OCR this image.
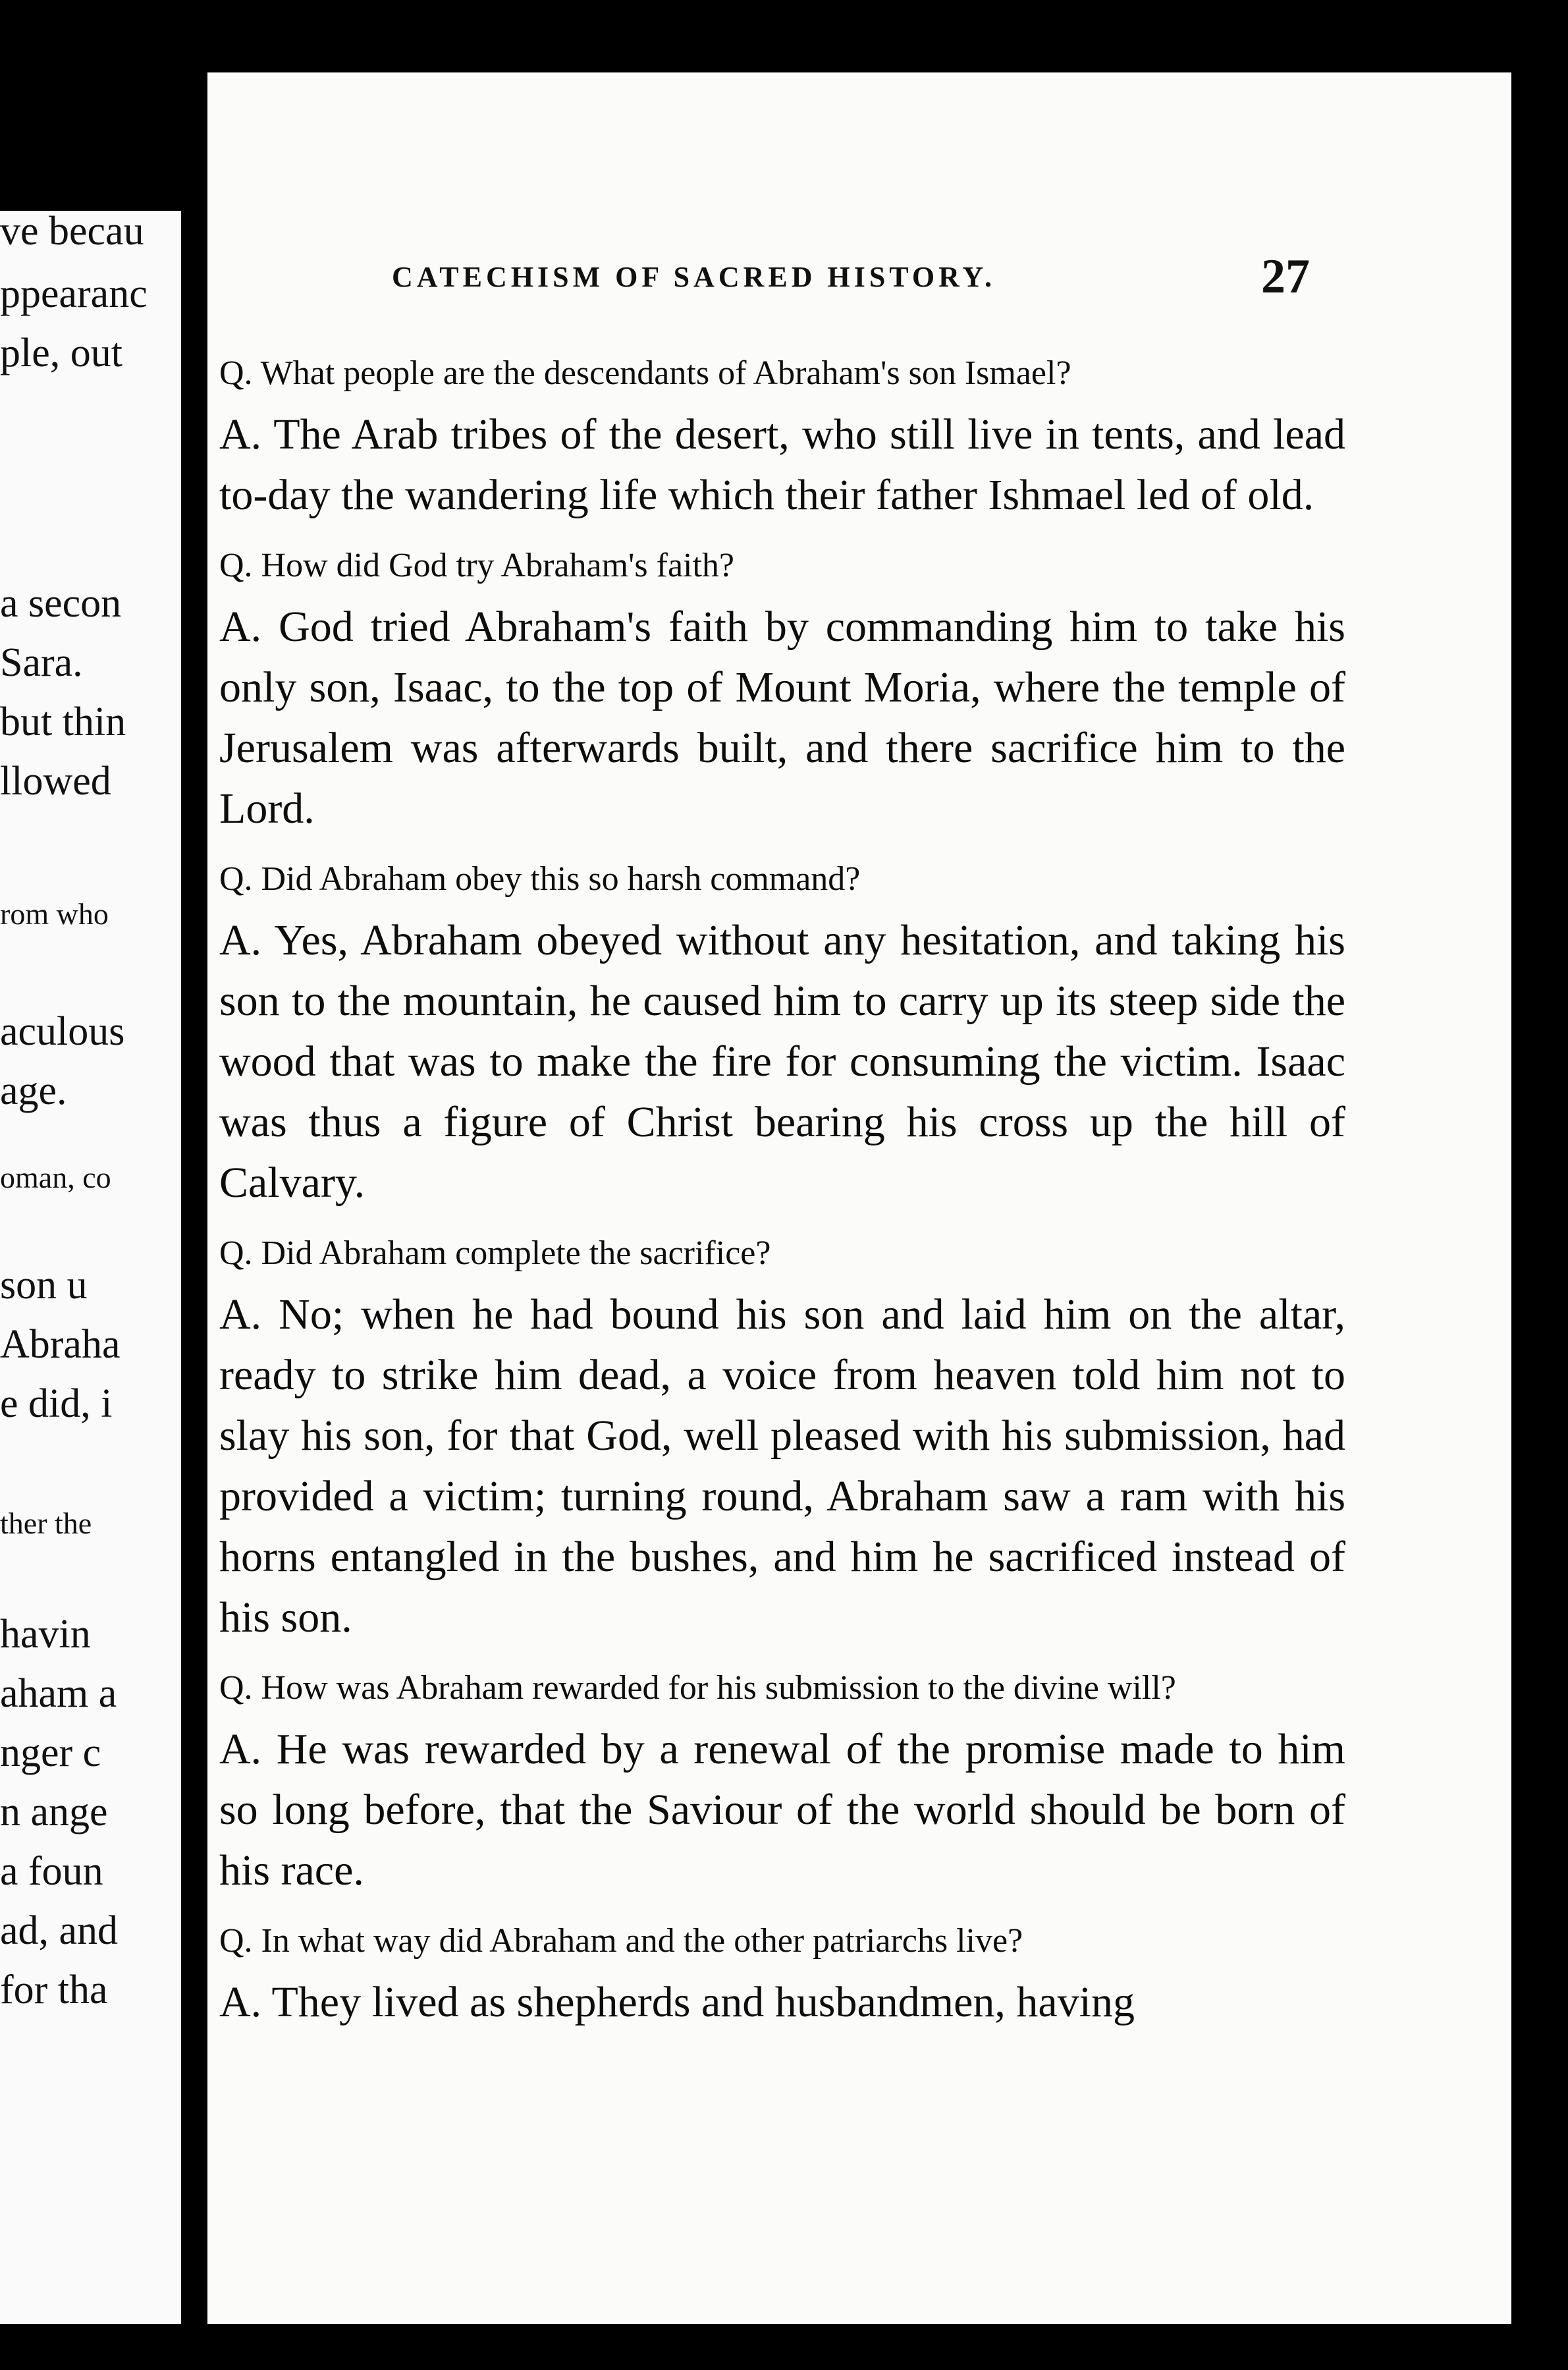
ve becau
ppearanc
ple, out
a secon
Sara.
but thin
llowed
rom who
aculous
age.
oman, co
son u
Abraha
e did, i
ther the
havin
aham a
nger c
n ange
a foun
ad, and
for tha
CATECHISM OF SACRED HISTORY.	27

Q. What people are the descendants of Abraham's son Ismael?

A. The Arab tribes of the desert, who still live in tents, and lead to-day the wandering life which their father Ishmael led of old.

Q. How did God try Abraham's faith?

A. God tried Abraham's faith by commanding him to take his only son, Isaac, to the top of Mount Moria, where the temple of Jerusalem was afterwards built, and there sacrifice him to the Lord.

Q. Did Abraham obey this so harsh command?

A. Yes, Abraham obeyed without any hesitation, and taking his son to the mountain, he caused him to carry up its steep side the wood that was to make the fire for consuming the victim. Isaac was thus a figure of Christ bearing his cross up the hill of Calvary.

Q. Did Abraham complete the sacrifice?

A. No; when he had bound his son and laid him on the altar, ready to strike him dead, a voice from heaven told him not to slay his son, for that God, well pleased with his submission, had provided a victim; turning round, Abraham saw a ram with his horns entangled in the bushes, and him he sacrificed instead of his son.

Q. How was Abraham rewarded for his submission to the divine will?

A. He was rewarded by a renewal of the promise made to him so long before, that the Saviour of the world should be born of his race.

Q. In what way did Abraham and the other patriarchs live?

A. They lived as shepherds and husbandmen, having
